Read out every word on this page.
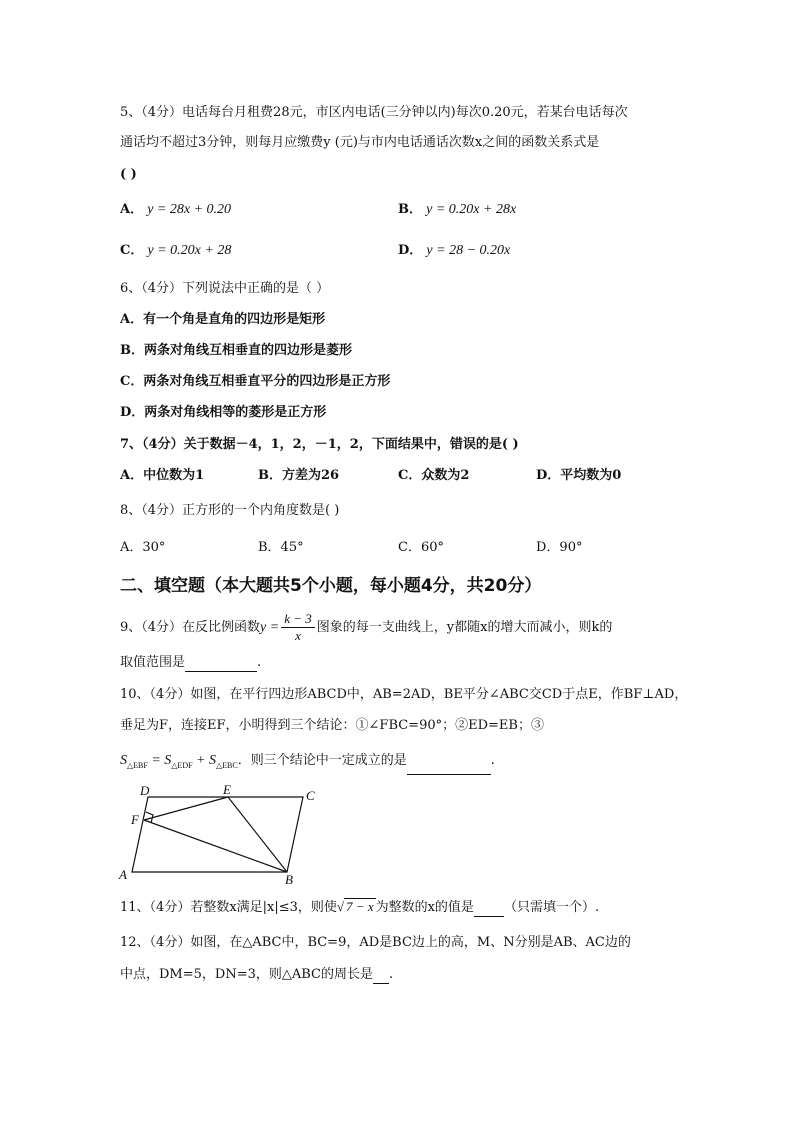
5、（4分）电话每台月租费28元，市区内电话(三分钟以内)每次0.20元，若某台电话每次
通话均不超过3分钟，则每月应缴费y (元)与市内电话通话次数x之间的函数关系式是
( )
A． y = 28x + 0.20	B． y = 0.20x + 28x
C． y = 0.20x + 28	D． y = 28 − 0.20x
6、（4分）下列说法中正确的是（ ）
A．有一个角是直角的四边形是矩形
B．两条对角线互相垂直的四边形是菱形
C．两条对角线互相垂直平分的四边形是正方形
D．两条对角线相等的菱形是正方形
7、（4分）关于数据－4，1，2，－1，2，下面结果中，错误的是( )
A．中位数为1	B．方差为26	C．众数为2	D．平均数为0
8、（4分）正方形的一个内角度数是( )
A．30°	B．45°	C．60°	D．90°
二、填空题（本大题共5个小题，每小题4分，共20分）
9、（4分）在反比例函数$y = \frac{k - 3}{x}$ 图象的每一支曲线上，y都随x的增大而减小，则k的
取值范围是	.
10、（4分）如图，在平行四边形ABCD中，AB=2AD，BE平分∠ABC交CD于点E，作BF⊥AD，
垂足为F，连接EF，小明得到三个结论：①∠FBC=90°；②ED=EB；③
$S_{\triangle EBF} = S_{\triangle EDF} + S_{\triangle EBC}$．则三个结论中一定成立的是	.
A	B
C
D	E
F
11、（4分）若整数x满足|x|≤3，则使√ 7 − x 为整数的x的值是 （只需填一个）.
12、（4分）如图，在△ABC中，BC=9，AD是BC边上的高，M、N分别是AB、AC边的
中点，DM=5，DN=3，则△ABC的周长是 .
